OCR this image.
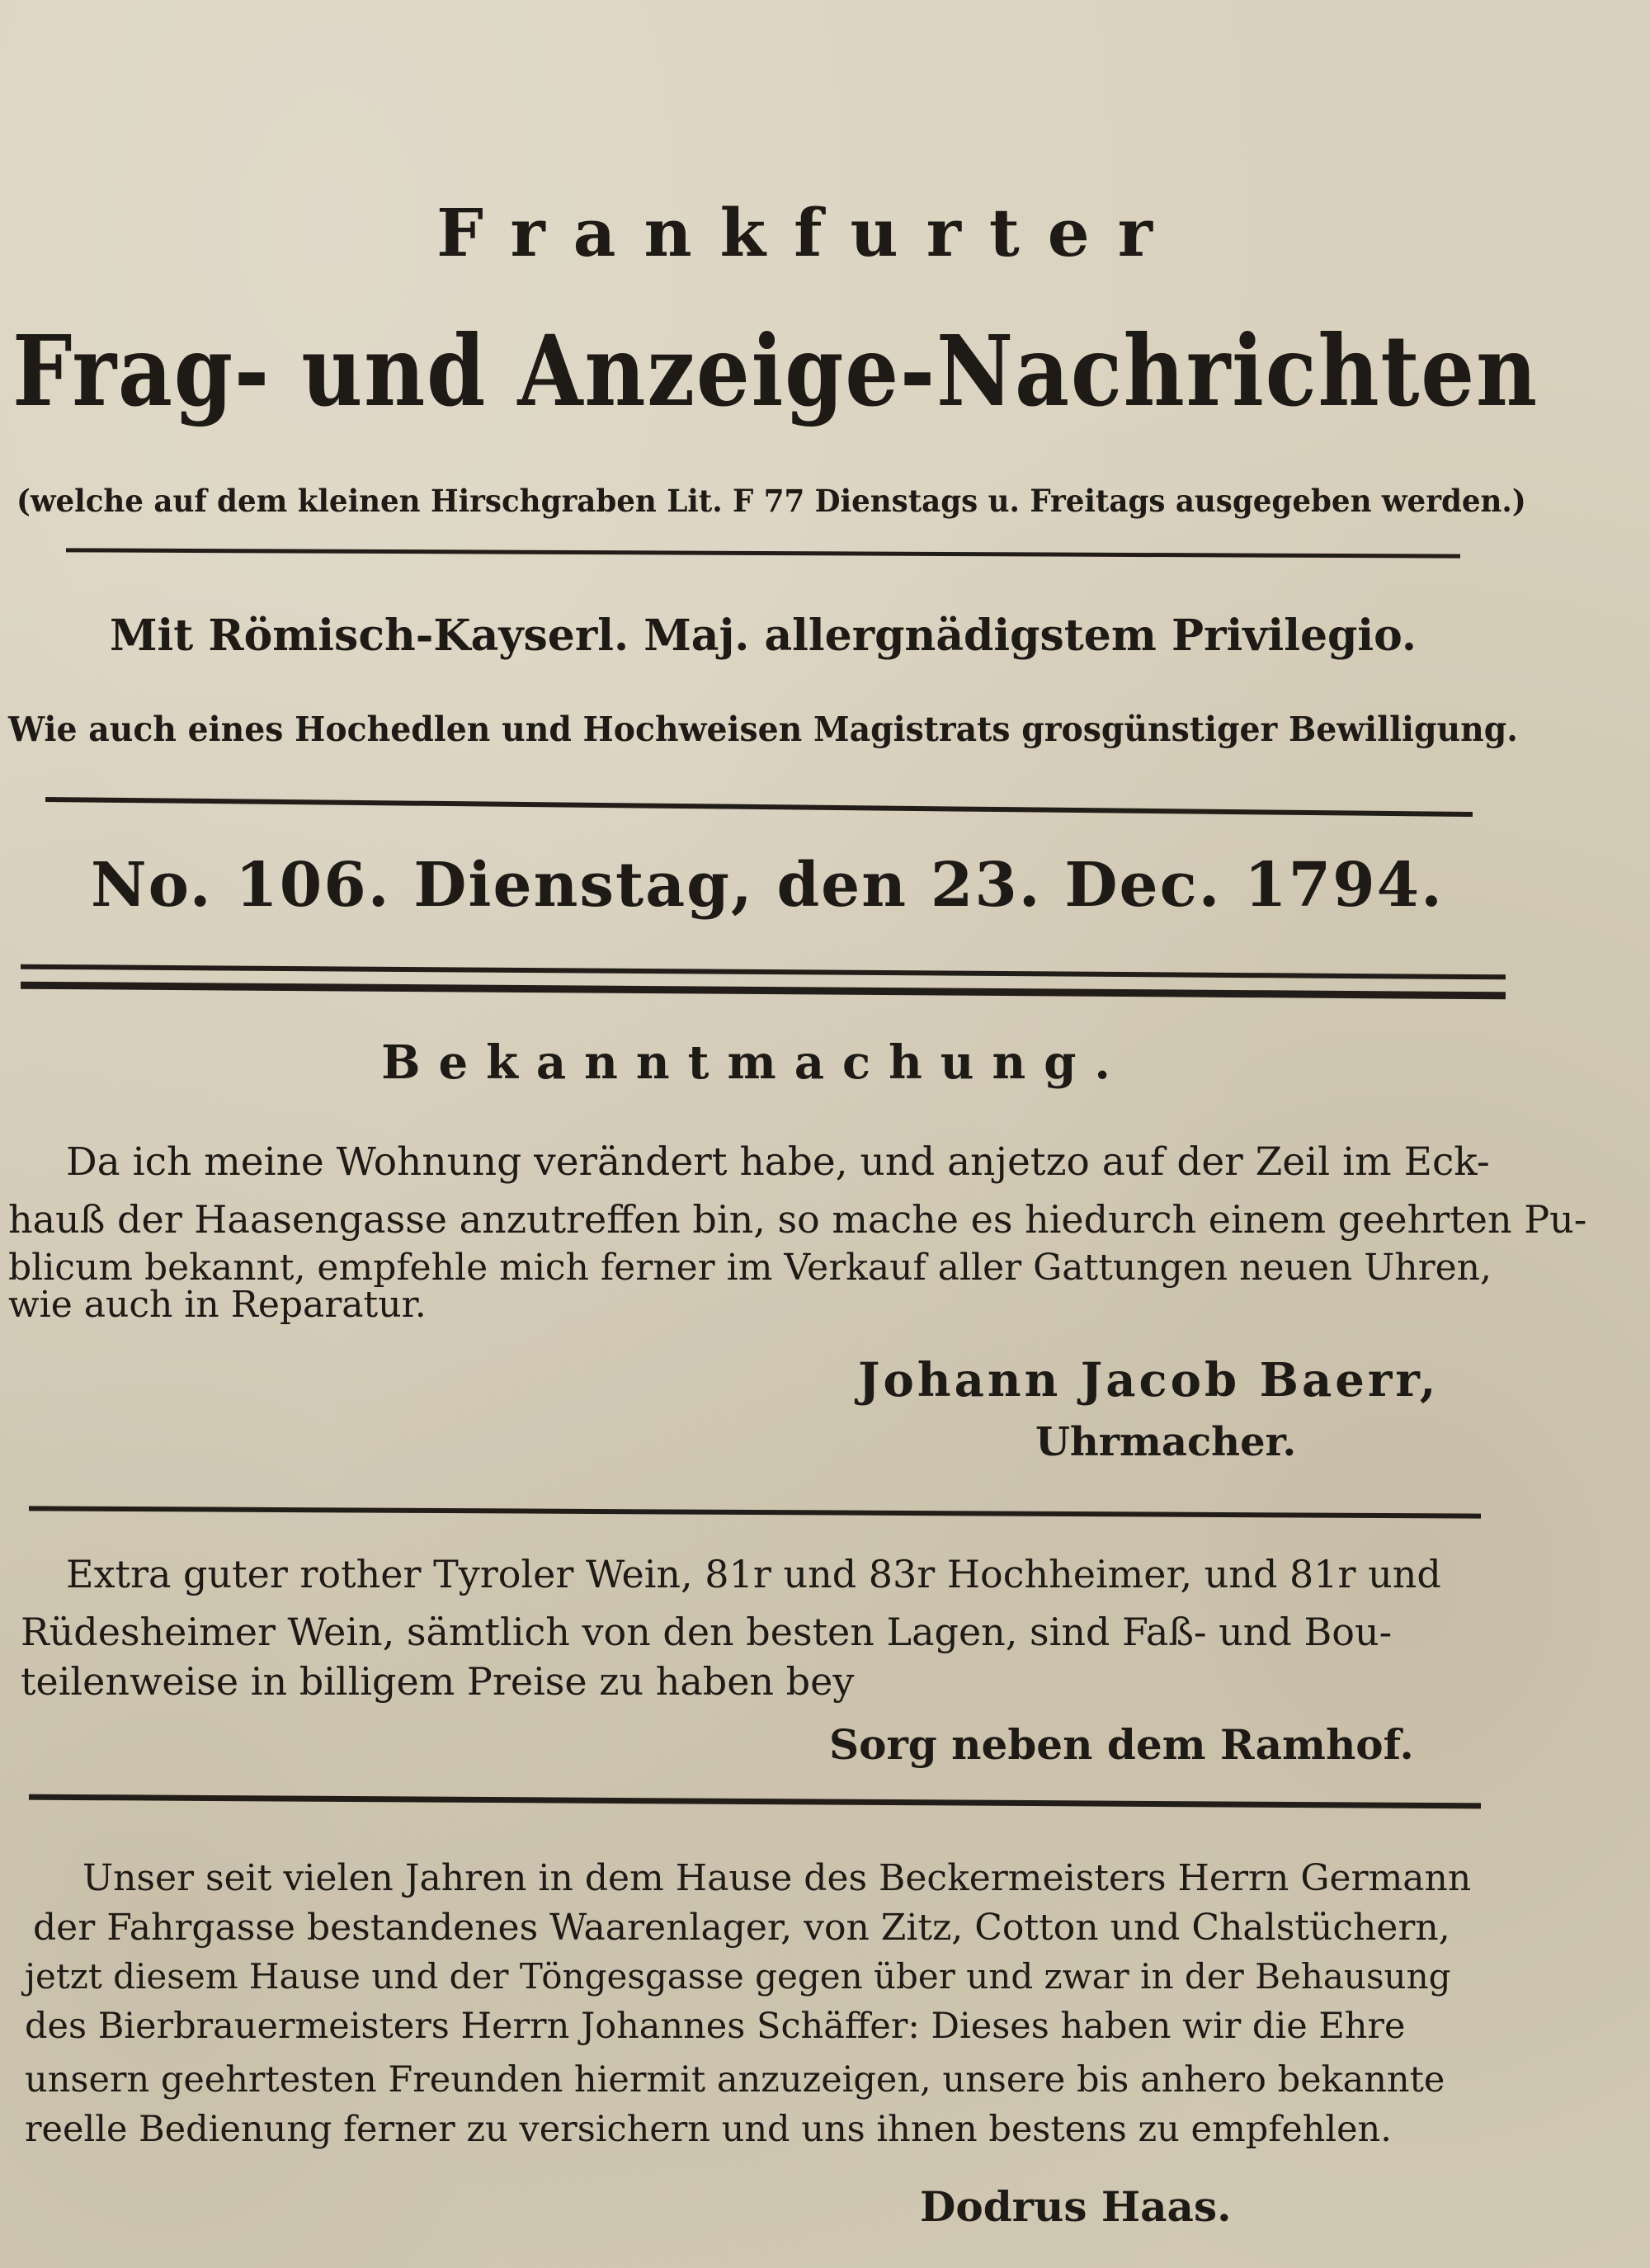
Frankfurter
Frag- und Anzeige-Nachrichten
(welche auf dem kleinen Hirschgraben Lit. F 77 Dienstags u. Freitags ausgegeben werden.)
Mit Römisch-Kayserl. Maj. allergnädigstem Privilegio.
Wie auch eines Hochedlen und Hochweisen Magistrats grosgünstiger Bewilligung.
No. 106. Dienstag, den 23. Dec. 1794.
Bekanntmachung.
Da ich meine Wohnung verändert habe, und anjetzo auf der Zeil im Eck-
hauß der Haasengasse anzutreffen bin, so mache es hiedurch einem geehrten Pu-
blicum bekannt, empfehle mich ferner im Verkauf aller Gattungen neuen Uhren,
wie auch in Reparatur.
Johann Jacob Baerr,
Uhrmacher.
Extra guter rother Tyroler Wein, 81r und 83r Hochheimer, und 81r und
Rüdesheimer Wein, sämtlich von den besten Lagen, sind Faß- und Bou-
teilenweise in billigem Preise zu haben bey
Sorg neben dem Ramhof.
Unser seit vielen Jahren in dem Hause des Beckermeisters Herrn Germann
der Fahrgasse bestandenes Waarenlager, von Zitz, Cotton und Chalstüchern,
jetzt diesem Hause und der Töngesgasse gegen über und zwar in der Behausung
des Bierbrauermeisters Herrn Johannes Schäffer: Dieses haben wir die Ehre
unsern geehrtesten Freunden hiermit anzuzeigen, unsere bis anhero bekannte
reelle Bedienung ferner zu versichern und uns ihnen bestens zu empfehlen.
Dodrus Haas.
